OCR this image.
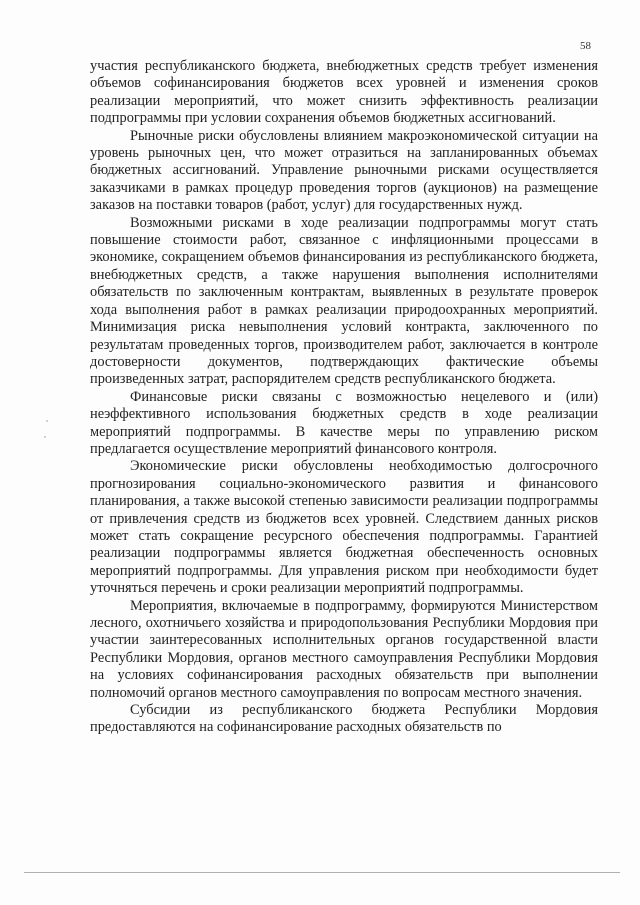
58

участия республиканского бюджета, внебюджетных средств требует изменения объемов софинансирования бюджетов всех уровней и изменения сроков реализации мероприятий, что может снизить эффективность реализации подпрограммы при условии сохранения объемов бюджетных ассигнований.

Рыночные риски обусловлены влиянием макроэкономической ситуации на уровень рыночных цен, что может отразиться на запланированных объемах бюджетных ассигнований. Управление рыночными рисками осуществляется заказчиками в рамках процедур проведения торгов (аукционов) на размещение заказов на поставки товаров (работ, услуг) для государственных нужд.

Возможными рисками в ходе реализации подпрограммы могут стать повышение стоимости работ, связанное с инфляционными процессами в экономике, сокращением объемов финансирования из республиканского бюджета, внебюджетных средств, а также нарушения выполнения исполнителями обязательств по заключенным контрактам, выявленных в результате проверок хода выполнения работ в рамках реализации природоохранных мероприятий. Минимизация риска невыполнения условий контракта, заключенного по результатам проведенных торгов, производителем работ, заключается в контроле достоверности документов, подтверждающих фактические объемы произведенных затрат, распорядителем средств республиканского бюджета.

Финансовые риски связаны с возможностью нецелевого и (или) неэффективного использования бюджетных средств в ходе реализации мероприятий подпрограммы. В качестве меры по управлению риском предлагается осуществление мероприятий финансового контроля.

Экономические риски обусловлены необходимостью долгосрочного прогнозирования социально-экономического развития и финансового планирования, а также высокой степенью зависимости реализации подпрограммы от привлечения средств из бюджетов всех уровней. Следствием данных рисков может стать сокращение ресурсного обеспечения подпрограммы. Гарантией реализации подпрограммы является бюджетная обеспеченность основных мероприятий подпрограммы. Для управления риском при необходимости будет уточняться перечень и сроки реализации мероприятий подпрограммы.

Мероприятия, включаемые в подпрограмму, формируются Министерством лесного, охотничьего хозяйства и природопользования Республики Мордовия при участии заинтересованных исполнительных органов государственной власти Республики Мордовия, органов местного самоуправления Республики Мордовия на условиях софинансирования расходных обязательств при выполнении полномочий органов местного самоуправления по вопросам местного значения.

Субсидии из республиканского бюджета Республики Мордовия предоставляются на софинансирование расходных обязательств по
